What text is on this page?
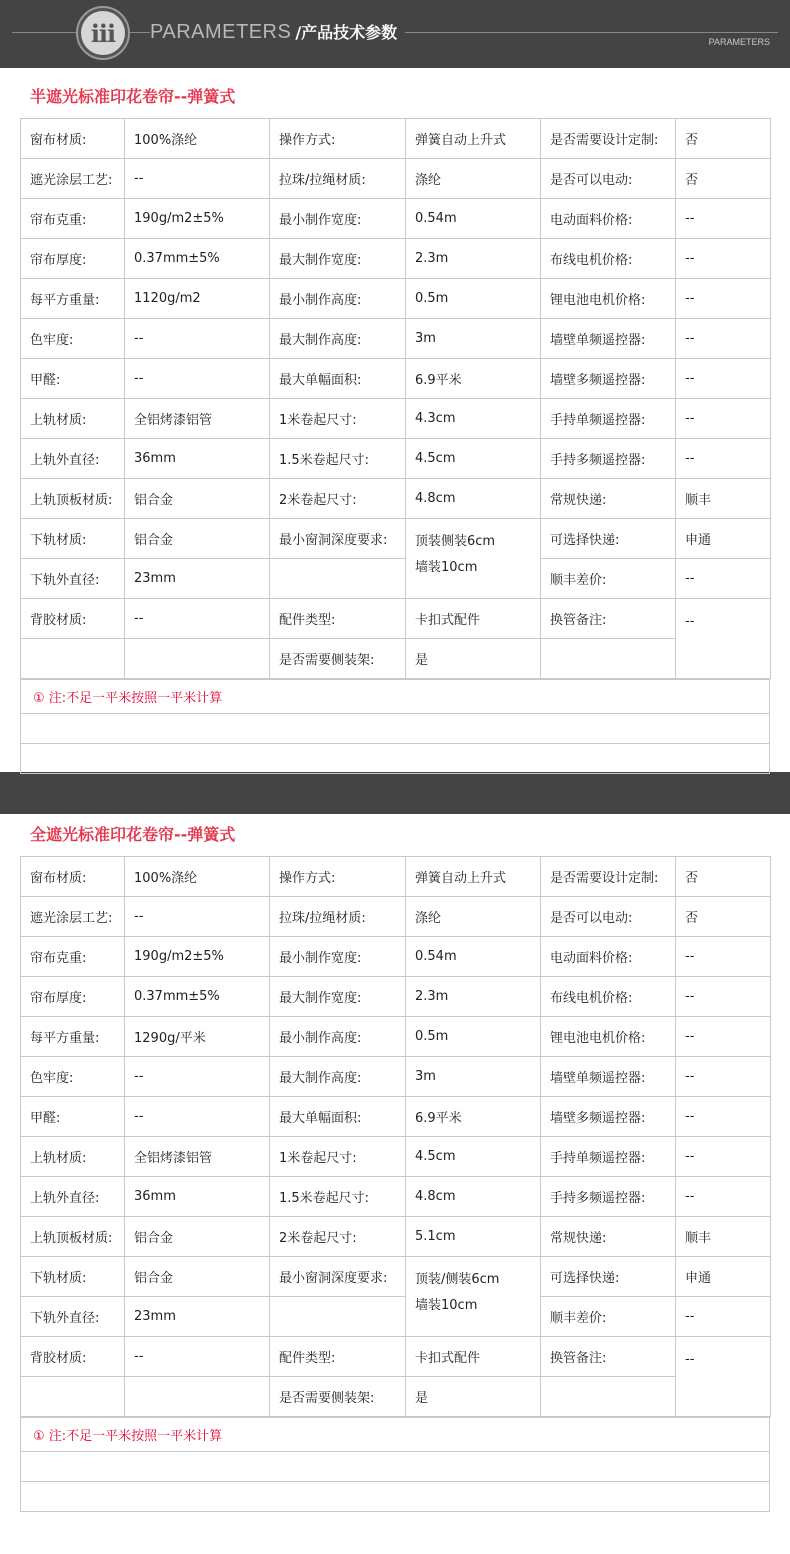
iii	PARAMETERS /产品技术参数	PARAMETERS
半遮光标准印花卷帘--弹簧式
窗布材质:	100%涤纶	操作方式:	弹簧自动上升式	是否需要设计定制:	否
遮光涂层工艺:	--	拉珠/拉绳材质:	涤纶	是否可以电动:	否
帘布克重:	190g/m2±5%	最小制作宽度:	0.54m	电动面料价格:	--
帘布厚度:	0.37mm±5%	最大制作宽度:	2.3m	布线电机价格:	--
每平方重量:	1120g/m2	最小制作高度:	0.5m	锂电池电机价格:	--
色牢度:	--	最大制作高度:	3m	墙壁单频遥控器:	--
甲醛:	--	最大单幅面积:	6.9平米	墙壁多频遥控器:	--
上轨材质:	全铝烤漆铝管	1米卷起尺寸:	4.3cm	手持单频遥控器:	--
上轨外直径:	36mm	1.5米卷起尺寸:	4.5cm	手持多频遥控器:	--
上轨顶板材质:	铝合金	2米卷起尺寸:	4.8cm	常规快递:	顺丰
下轨材质:	铝合金	最小窗洞深度要求:	顶装侧装6cm
墙装10cm	可选择快递:	申通
下轨外直径:	23mm			顺丰差价:	--
背胶材质:	--	配件类型:	卡扣式配件	换管备注:	--
		是否需要侧装架:	是		
① 注:不足一平米按照一平米计算

全遮光标准印花卷帘--弹簧式
窗布材质:	100%涤纶	操作方式:	弹簧自动上升式	是否需要设计定制:	否
遮光涂层工艺:	--	拉珠/拉绳材质:	涤纶	是否可以电动:	否
帘布克重:	190g/m2±5%	最小制作宽度:	0.54m	电动面料价格:	--
帘布厚度:	0.37mm±5%	最大制作宽度:	2.3m	布线电机价格:	--
每平方重量:	1290g/平米	最小制作高度:	0.5m	锂电池电机价格:	--
色牢度:	--	最大制作高度:	3m	墙壁单频遥控器:	--
甲醛:	--	最大单幅面积:	6.9平米	墙壁多频遥控器:	--
上轨材质:	全铝烤漆铝管	1米卷起尺寸:	4.5cm	手持单频遥控器:	--
上轨外直径:	36mm	1.5米卷起尺寸:	4.8cm	手持多频遥控器:	--
上轨顶板材质:	铝合金	2米卷起尺寸:	5.1cm	常规快递:	顺丰
下轨材质:	铝合金	最小窗洞深度要求:	顶装/侧装6cm
墙装10cm	可选择快递:	申通
下轨外直径:	23mm			顺丰差价:	--
背胶材质:	--	配件类型:	卡扣式配件	换管备注:	--
		是否需要侧装架:	是		
① 注:不足一平米按照一平米计算
